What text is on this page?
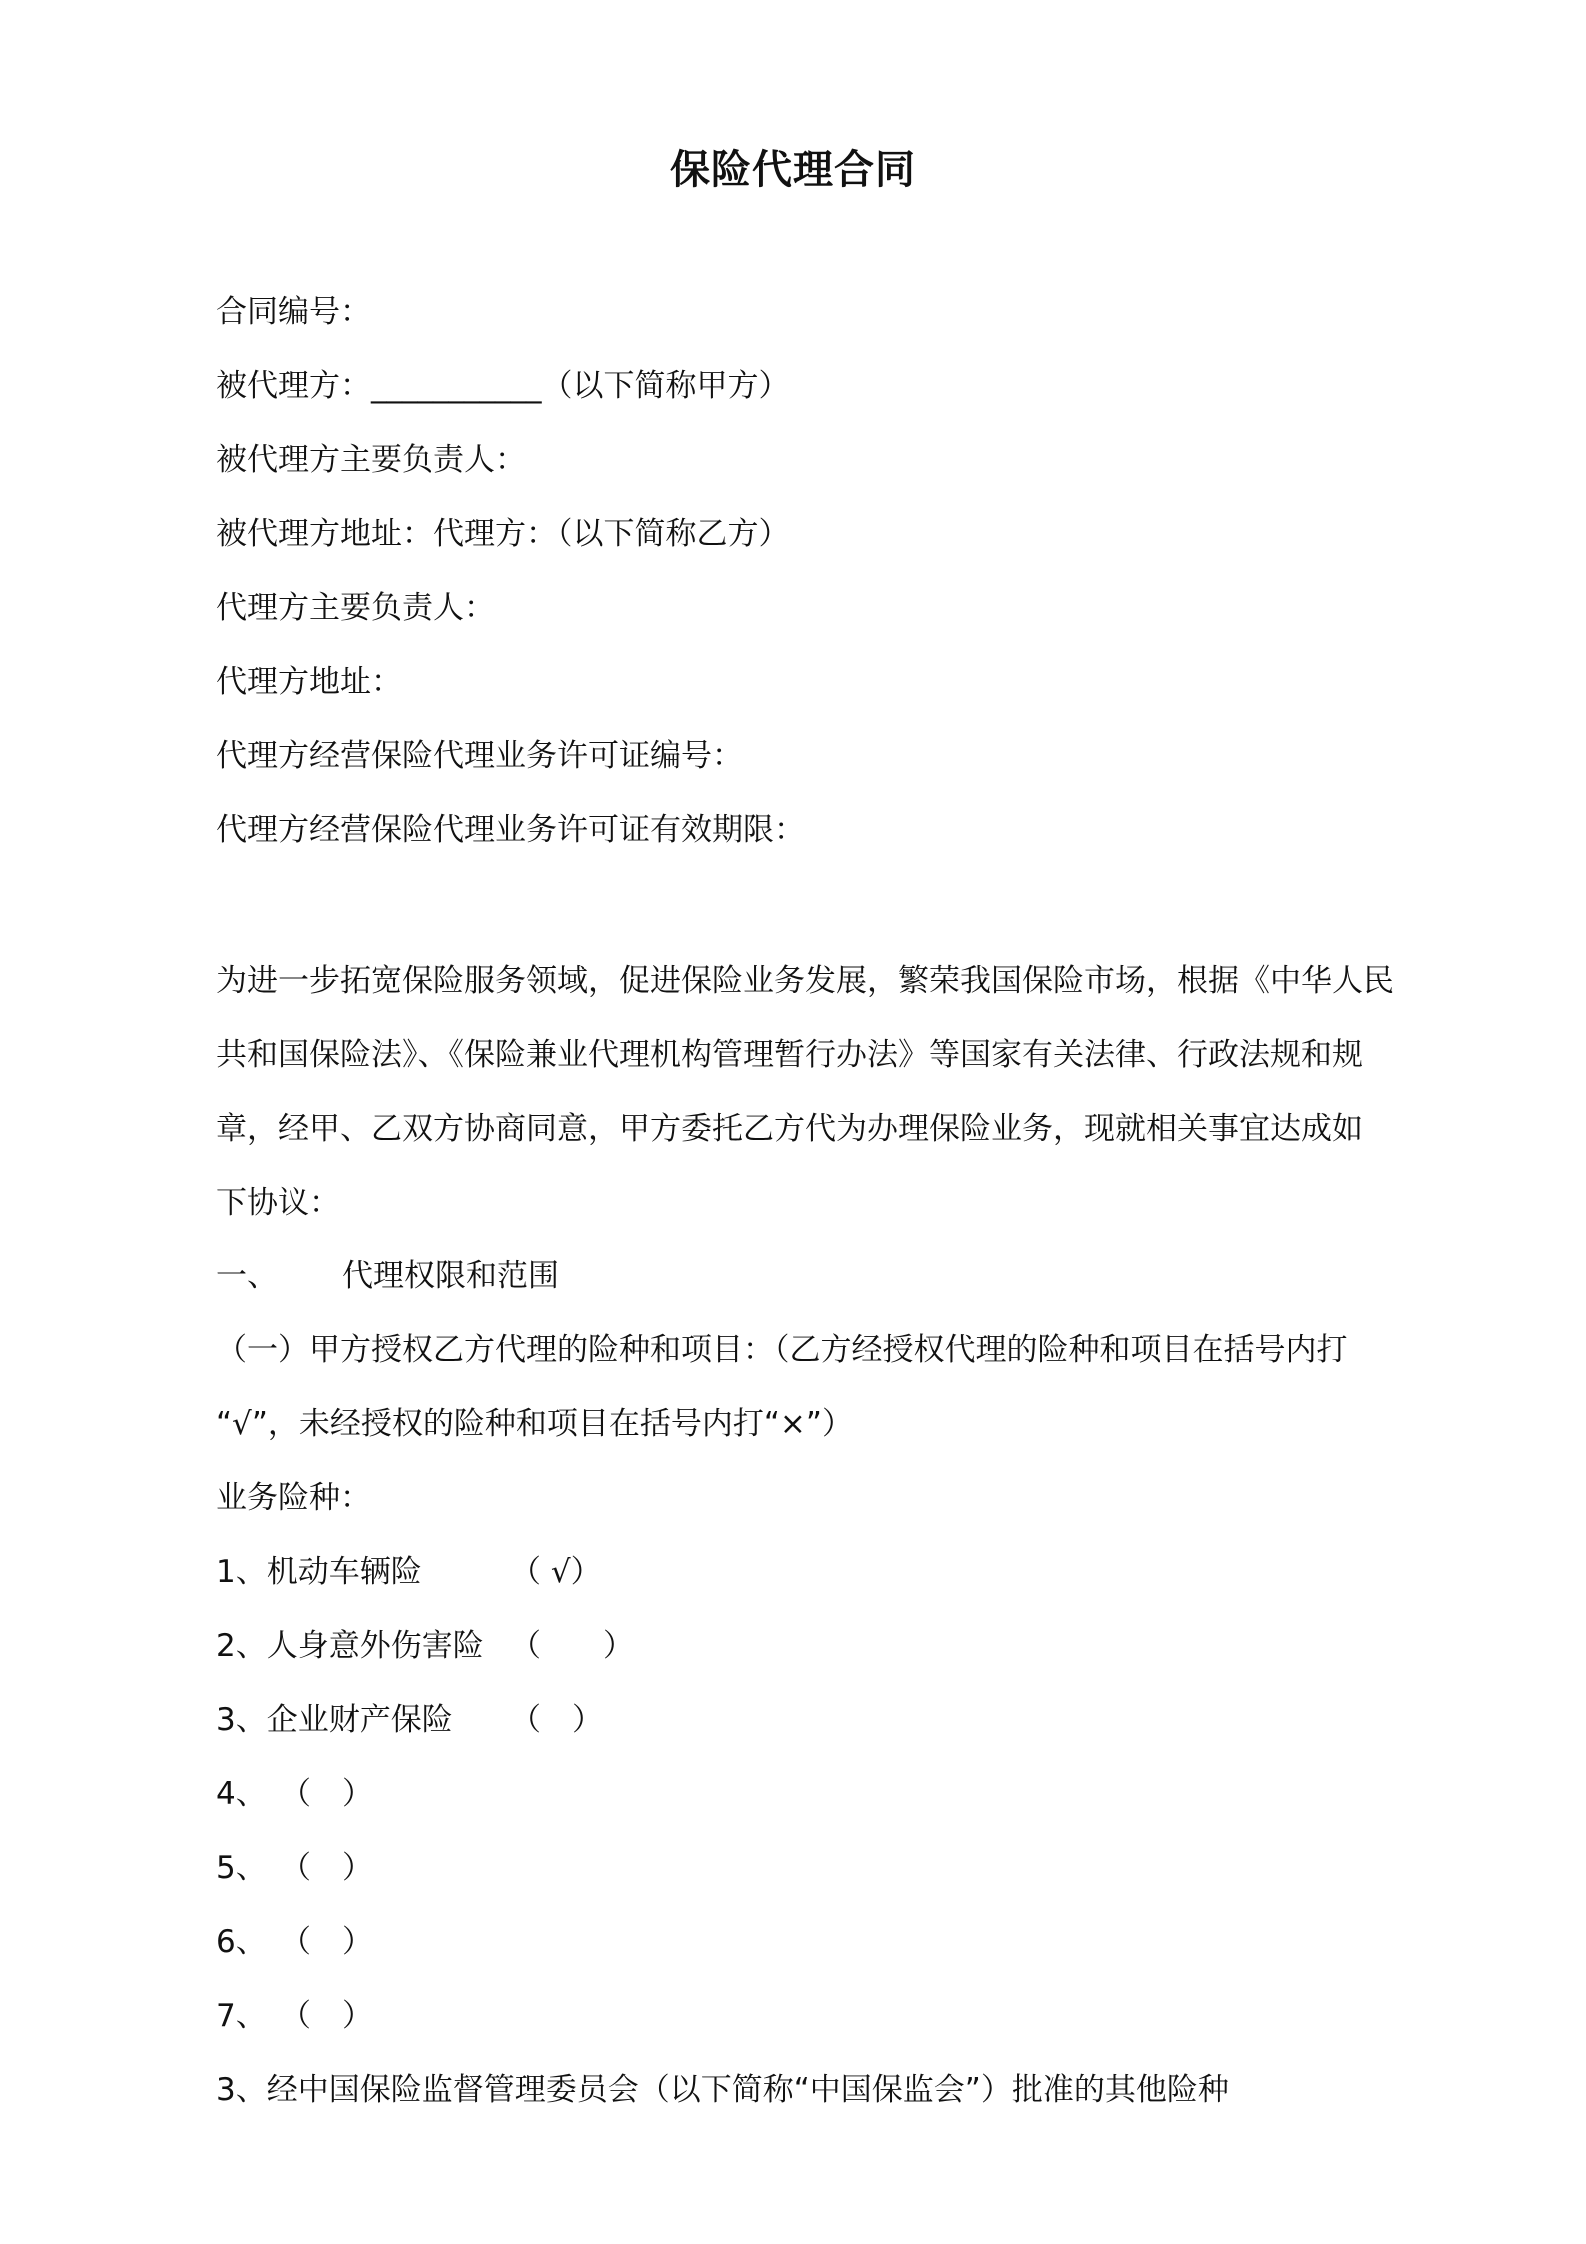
保险代理合同
合同编号：
被代理方：___________（以下简称甲方）
被代理方主要负责人：
被代理方地址：代理方：（以下简称乙方）
代理方主要负责人：
代理方地址：
代理方经营保险代理业务许可证编号：
代理方经营保险代理业务许可证有效期限：
为进一步拓宽保险服务领域，促进保险业务发展，繁荣我国保险市场，根据《中华人民
共和国保险法》、《保险兼业代理机构管理暂行办法》等国家有关法律、行政法规和规
章，经甲、乙双方协商同意，甲方委托乙方代为办理保险业务，现就相关事宜达成如
下协议：
一、 代理权限和范围
（一）甲方授权乙方代理的险种和项目：（乙方经授权代理的险种和项目在括号内打
“√”，未经授权的险种和项目在括号内打“×”）
业务险种：
1、机动车辆险	（ √）
2、人身意外伤害险 （　　）
3、企业财产保险 （　）
4、 （　）
5、 （　）
6、 （　）
7、 （　）
3、经中国保险监督管理委员会（以下简称“中国保监会”）批准的其他险种
